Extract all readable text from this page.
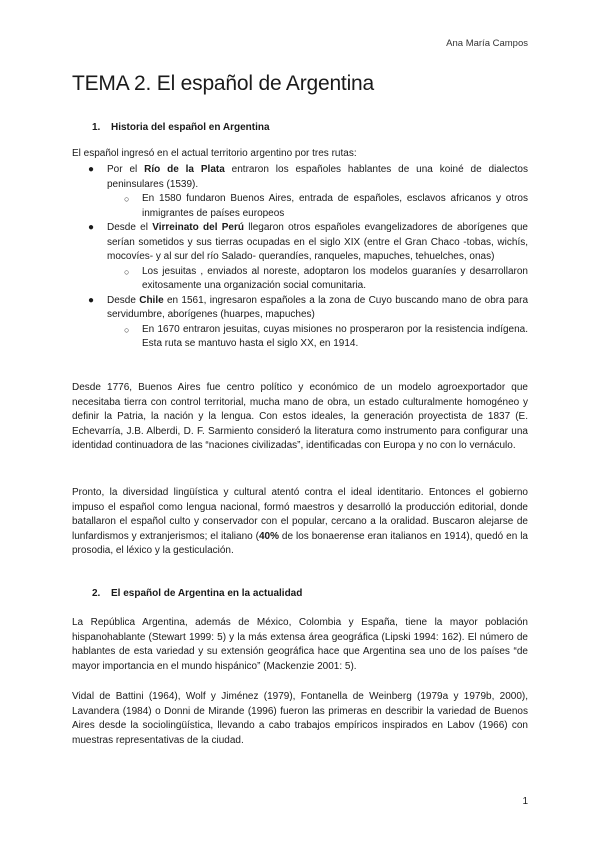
Ana María Campos
TEMA 2. El español de Argentina
1. Historia del español en Argentina

El español ingresó en el actual territorio argentino por tres rutas:

● Por el Río de la Plata entraron los españoles hablantes de una koiné de dialectos peninsulares (1539).
○ En 1580 fundaron Buenos Aires, entrada de españoles, esclavos africanos y otros inmigrantes de países europeos
● Desde el Virreinato del Perú llegaron otros españoles evangelizadores de aborígenes que serían sometidos y sus tierras ocupadas en el siglo XIX (entre el Gran Chaco -tobas, wichís, mocovíes- y al sur del río Salado- querandíes, ranqueles, mapuches, tehuelches, onas)
○ Los jesuitas , enviados al noreste, adoptaron los modelos guaraníes y desarrollaron exitosamente una organización social comunitaria.
● Desde Chile en 1561, ingresaron españoles a la zona de Cuyo buscando mano de obra para servidumbre, aborígenes (huarpes, mapuches)
○ En 1670 entraron jesuitas, cuyas misiones no prosperaron por la resistencia indígena. Esta ruta se mantuvo hasta el siglo XX, en 1914.

Desde 1776, Buenos Aires fue centro político y económico de un modelo agroexportador que necesitaba tierra con control territorial, mucha mano de obra, un estado culturalmente homogéneo y definir la Patria, la nación y la lengua. Con estos ideales, la generación proyectista de 1837 (E. Echevarría, J.B. Alberdi, D. F. Sarmiento consideró la literatura como instrumento para configurar una identidad continuadora de las “naciones civilizadas”, identificadas con Europa y no con lo vernáculo.

Pronto, la diversidad lingüística y cultural atentó contra el ideal identitario. Entonces el gobierno impuso el español como lengua nacional, formó maestros y desarrolló la producción editorial, donde batallaron el español culto y conservador con el popular, cercano a la oralidad. Buscaron alejarse de lunfardismos y extranjerismos; el italiano (40% de los bonaerense eran italianos en 1914), quedó en la prosodia, el léxico y la gesticulación.

2. El español de Argentina en la actualidad

La República Argentina, además de México, Colombia y España, tiene la mayor población hispanohablante (Stewart 1999: 5) y la más extensa área geográfica (Lipski 1994: 162). El número de hablantes de esta variedad y su extensión geográfica hace que Argentina sea uno de los países “de mayor importancia en el mundo hispánico” (Mackenzie 2001: 5).

Vidal de Battini (1964), Wolf y Jiménez (1979), Fontanella de Weinberg (1979a y 1979b, 2000), Lavandera (1984) o Donni de Mirande (1996) fueron las primeras en describir la variedad de Buenos Aires desde la sociolingüística, llevando a cabo trabajos empíricos inspirados en Labov (1966) con muestras representativas de la ciudad.

1
